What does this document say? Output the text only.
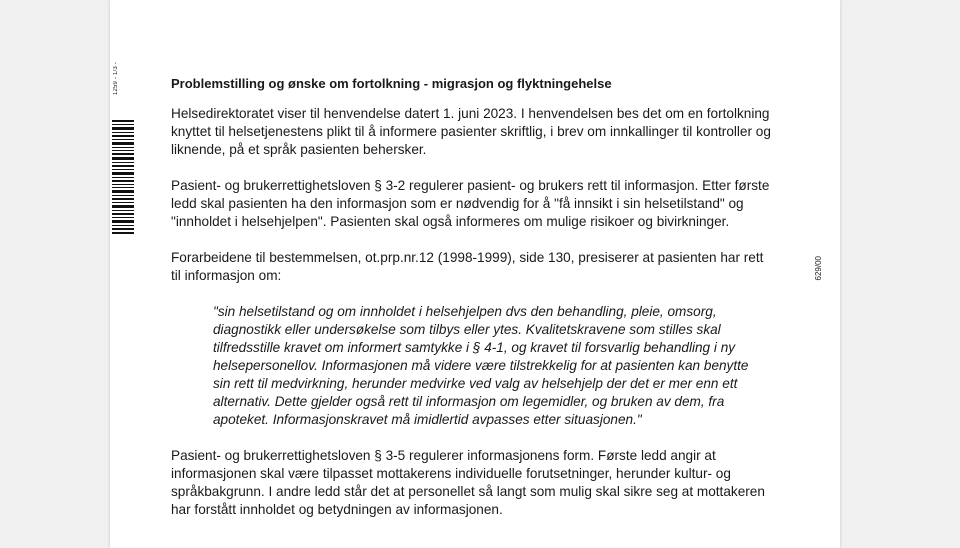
1259 - 1/3 -
629/00
Problemstilling og ønske om fortolkning - migrasjon og flyktningehelse

Helsedirektoratet viser til henvendelse datert 1. juni 2023. I henvendelsen bes det om en fortolkning knyttet til helsetjenestens plikt til å informere pasienter skriftlig, i brev om innkallinger til kontroller og liknende, på et språk pasienten behersker.

Pasient- og brukerrettighetsloven § 3-2 regulerer pasient- og brukers rett til informasjon. Etter første ledd skal pasienten ha den informasjon som er nødvendig for å "få innsikt i sin helsetilstand" og "innholdet i helsehjelpen". Pasienten skal også informeres om mulige risikoer og bivirkninger.

Forarbeidene til bestemmelsen, ot.prp.nr.12 (1998-1999), side 130, presiserer at pasienten har rett til informasjon om:

"sin helsetilstand og om innholdet i helsehjelpen dvs den behandling, pleie, omsorg, diagnostikk eller undersøkelse som tilbys eller ytes. Kvalitetskravene som stilles skal tilfredsstille kravet om informert samtykke i § 4-1, og kravet til forsvarlig behandling i ny helsepersonellov. Informasjonen må videre være tilstrekkelig for at pasienten kan benytte sin rett til medvirkning, herunder medvirke ved valg av helsehjelp der det er mer enn ett alternativ. Dette gjelder også rett til informasjon om legemidler, og bruken av dem, fra apoteket. Informasjonskravet må imidlertid avpasses etter situasjonen."

Pasient- og brukerrettighetsloven § 3-5 regulerer informasjonens form. Første ledd angir at informasjonen skal være tilpasset mottakerens individuelle forutsetninger, herunder kultur- og språkbakgrunn. I andre ledd står det at personellet så langt som mulig skal sikre seg at mottakeren har forstått innholdet og betydningen av informasjonen.
